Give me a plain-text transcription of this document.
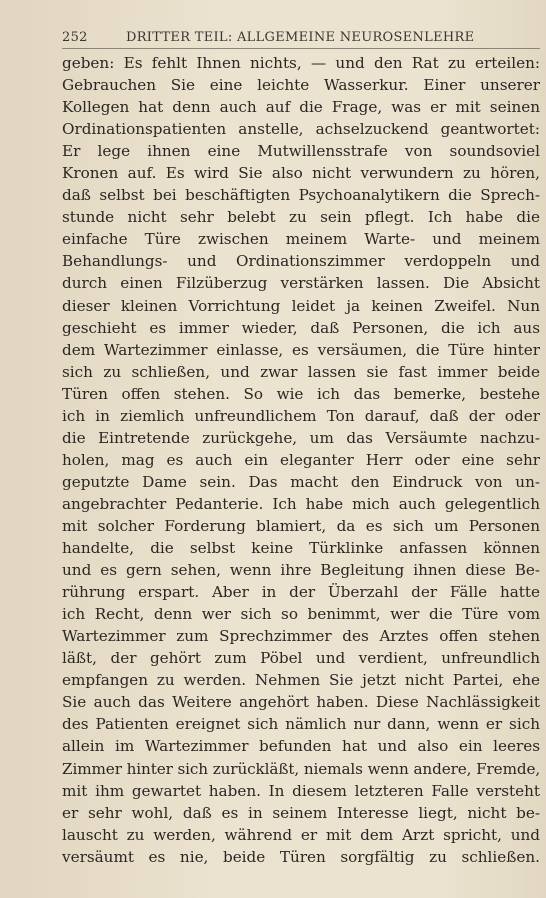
252	DRITTER TEIL: ALLGEMEINE NEUROSENLEHRE
geben: Es fehlt Ihnen nichts, — und den Rat zu erteilen:
Gebrauchen Sie eine leichte Wasserkur. Einer unserer
Kollegen hat denn auch auf die Frage, was er mit seinen
Ordinationspatienten anstelle, achselzuckend geantwortet:
Er lege ihnen eine Mutwillensstrafe von soundsoviel
Kronen auf. Es wird Sie also nicht verwundern zu hören,
daß selbst bei beschäftigten Psychoanalytikern die Sprech-
stunde nicht sehr belebt zu sein pflegt. Ich habe die
einfache Türe zwischen meinem Warte- und meinem
Behandlungs- und Ordinationszimmer verdoppeln und
durch einen Filzüberzug verstärken lassen. Die Absicht
dieser kleinen Vorrichtung leidet ja keinen Zweifel. Nun
geschieht es immer wieder, daß Personen, die ich aus
dem Wartezimmer einlasse, es versäumen, die Türe hinter
sich zu schließen, und zwar lassen sie fast immer beide
Türen offen stehen. So wie ich das bemerke, bestehe
ich in ziemlich unfreundlichem Ton darauf, daß der oder
die Eintretende zurückgehe, um das Versäumte nachzu-
holen, mag es auch ein eleganter Herr oder eine sehr
geputzte Dame sein. Das macht den Eindruck von un-
angebrachter Pedanterie. Ich habe mich auch gelegentlich
mit solcher Forderung blamiert, da es sich um Personen
handelte, die selbst keine Türklinke anfassen können
und es gern sehen, wenn ihre Begleitung ihnen diese Be-
rührung erspart. Aber in der Überzahl der Fälle hatte
ich Recht, denn wer sich so benimmt, wer die Türe vom
Wartezimmer zum Sprechzimmer des Arztes offen stehen
läßt, der gehört zum Pöbel und verdient, unfreundlich
empfangen zu werden. Nehmen Sie jetzt nicht Partei, ehe
Sie auch das Weitere angehört haben. Diese Nachlässigkeit
des Patienten ereignet sich nämlich nur dann, wenn er sich
allein im Wartezimmer befunden hat und also ein leeres
Zimmer hinter sich zurückläßt, niemals wenn andere, Fremde,
mit ihm gewartet haben. In diesem letzteren Falle versteht
er sehr wohl, daß es in seinem Interesse liegt, nicht be-
lauscht zu werden, während er mit dem Arzt spricht, und
versäumt es nie, beide Türen sorgfältig zu schließen.
